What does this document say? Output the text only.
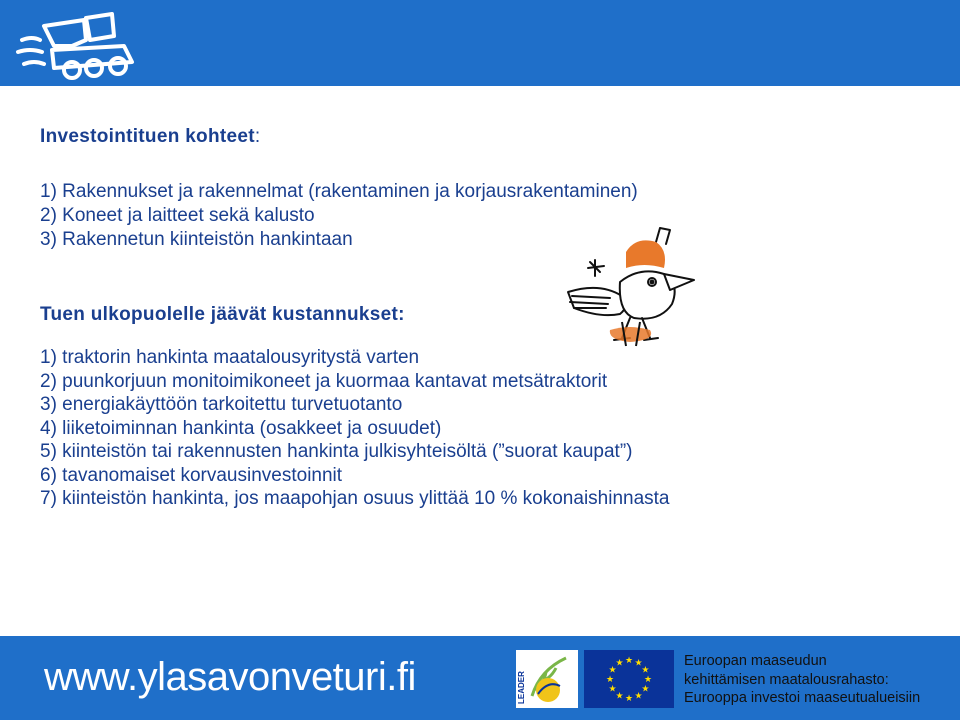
Investointituen kohteet:
1) Rakennukset ja rakennelmat (rakentaminen ja korjausrakentaminen)
2) Koneet ja laitteet sekä kalusto
3) Rakennetun kiinteistön hankintaan
Tuen ulkopuolelle jäävät kustannukset:
1) traktorin hankinta maatalousyritystä varten
2) puunkorjuun monitoimikoneet ja kuormaa kantavat metsätraktorit
3) energiakäyttöön tarkoitettu turvetuotanto
4) liiketoiminnan hankinta (osakkeet ja osuudet)
5) kiinteistön tai rakennusten hankinta julkisyhteisöltä (”suorat kaupat”)
6) tavanomaiset korvausinvestoinnit
7) kiinteistön hankinta, jos maapohjan osuus ylittää 10 % kokonaishinnasta
www.ylasavonveturi.fi	LEADER
★ ★
★
★
★
★
★
★
★
★
★
★	Euroopan maaseudun
kehittämisen maatalousrahasto:
Eurooppa investoi maaseutualueisiin
